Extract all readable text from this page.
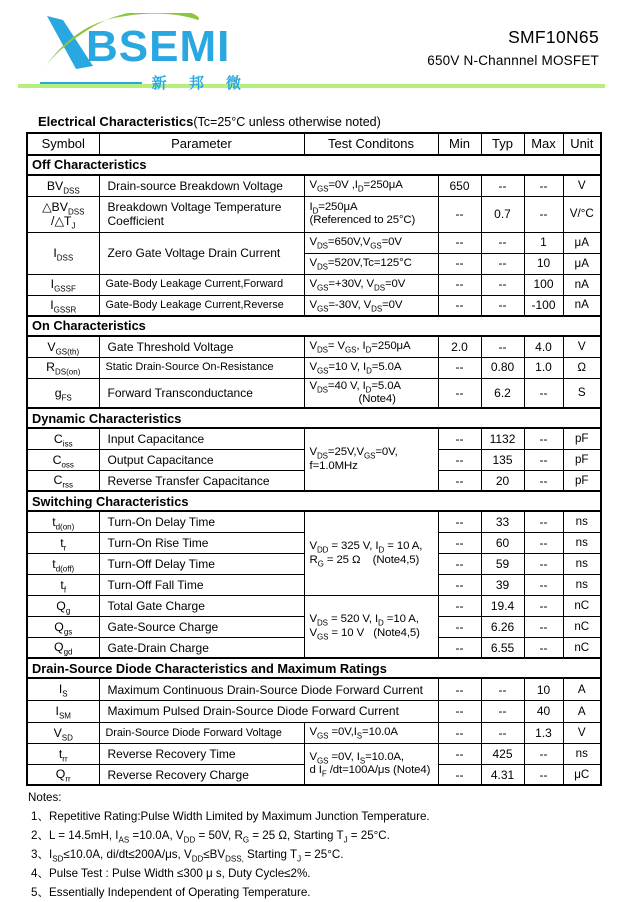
BSEMI
新 邦 微
SMF10N65
650V N-Channnel MOSFET
Electrical Characteristics(Tc=25°C unless otherwise noted)
Symbol	Parameter	Test Conditons	Min	Typ	Max	Unit
Off Characteristics						
$BV_{DSS}$	Drain-source Breakdown Voltage	$V_{GS}=0V$ $,I_D=250\mu A$	650	--	--	V
$\triangle BV_{DSS}$
$/\triangle T_J$	Breakdown Voltage Temperature Coefficient	$I_D=250\mu A$
(Referenced to 25°C)	--	0.7	--	V/°C
$I_{DSS}$	Zero Gate Voltage Drain Current	$V_{DS}=650V,V_{GS}=0V$	--	--	1	μA
		$V_{DS}=520V,Tc=125^\circ C$	--	--	10	μA
$I_{GSSF}$	Gate-Body Leakage Current,Forward	$V_{GS}=+30V$, $V_{DS}=0V$	--	--	100	nA
$I_{GSSR}$	Gate-Body Leakage Current,Reverse	$V_{GS}=-30V$, $V_{DS}=0V$	--	--	-100	nA
On Characteristics						
$V_{GS(th)}$	Gate Threshold Voltage	$V_{DS}= V_{GS}$, $I_D=250\mu A$	2.0	--	4.0	V
$R_{DS(on)}$	Static Drain-Source On-Resistance	$V_{GS}=10$ V, $I_D=5.0A$	--	0.80	1.0	Ω
$g_{FS}$	Forward Transconductance	$V_{DS}=40$ V, $I_D=5.0A$
(Note4)	--	6.2	--	S
Dynamic Characteristics						
$C_{iss}$	Input Capacitance	$V_{DS}=25V,V_{GS}=0V$,
f=1.0MHz	--	1132	--	pF
$C_{oss}$	Output Capacitance		--	135	--	pF
$C_{rss}$	Reverse Transfer Capacitance		--	20	--	pF
Switching Characteristics						
$t_{d(on)}$	Turn-On Delay Time	$V_{DD} = 325$ V, $I_D = 10$ A,
$R_G = 25$ Ω    (Note4,5)	--	33	--	ns
$t_r$	Turn-On Rise Time		--	60	--	ns
$t_{d(off)}$	Turn-Off Delay Time		--	59	--	ns
$t_f$	Turn-Off Fall Time		--	39	--	ns
$Q_g$	Total Gate Charge	$V_{DS} = 520$ V, $I_D =10$ A,
$V_{GS} = 10$ V   (Note4,5)	--	19.4	--	nC
$Q_{gs}$	Gate-Source Charge		--	6.26	--	nC
$Q_{gd}$	Gate-Drain Charge		--	6.55	--	nC
Drain-Source Diode Characteristics and Maximum Ratings						
$I_S$	Maximum Continuous Drain-Source Diode Forward Current		--	--	10	A
$I_{SM}$	Maximum Pulsed Drain-Source Diode Forward Current		--	--	40	A
$V_{SD}$	Drain-Source Diode Forward Voltage	$V_{GS} =0V,I_S=10.0A$	--	--	1.3	V
$t_{rr}$	Reverse Recovery Time	$V_{GS} =0V$, $I_S=10.0A$,
d $I_F$ /dt=100A/μs (Note4)	--	425	--	ns
$Q_{rr}$	Reverse Recovery Charge		--	4.31	--	μC
Notes:
1、Repetitive Rating:Pulse Width Limited by Maximum Junction Temperature.
2、L = 14.5mH, $I_{AS} =10.0A$, $V_{DD} = 50V$, $R_G = 25$ Ω, Starting $T_J = 25^\circ C$.
3、$I_{SD}\le 10.0A$, di/dt≤200A/μs, $V_{DD}\le BV_{DSS,}$ Starting $T_J = 25^\circ C$.
4、Pulse Test : Pulse Width ≤300 μ s, Duty Cycle≤2%.
5、Essentially Independent of Operating Temperature.
